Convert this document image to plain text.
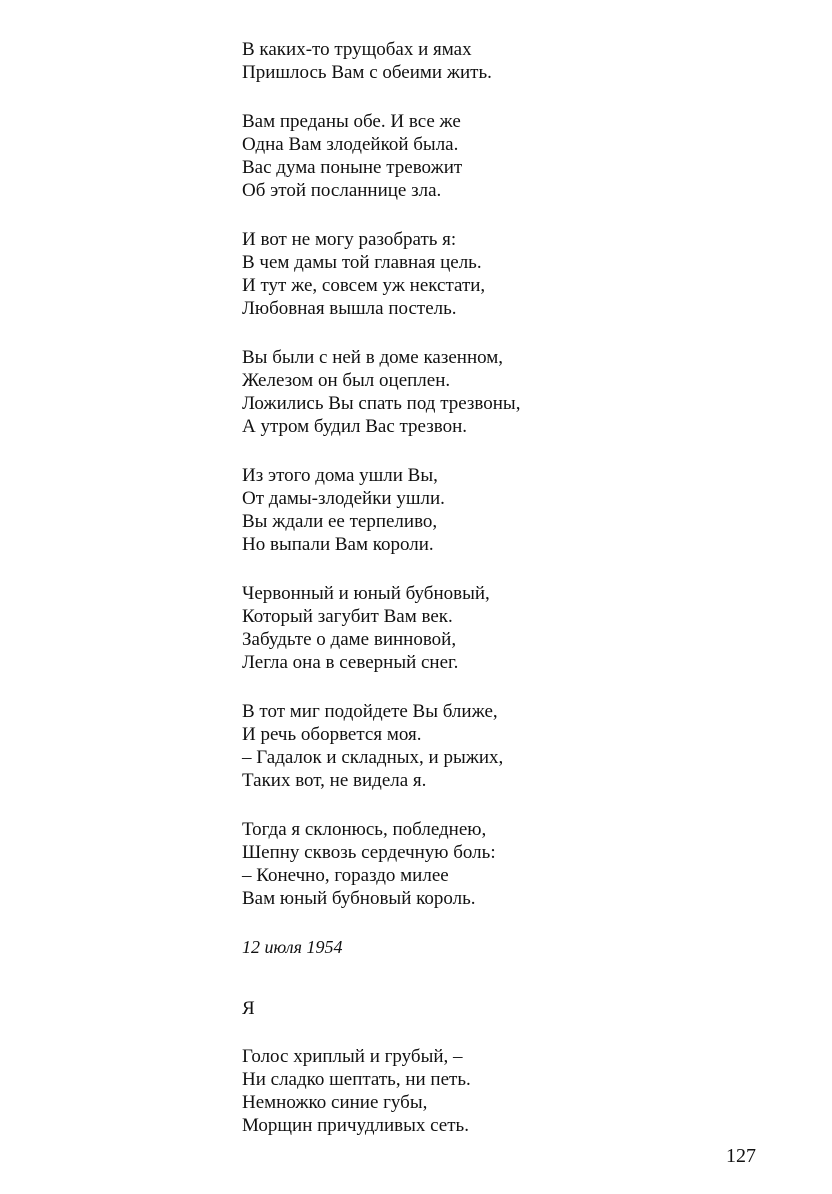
В каких-то трущобах и ямах
Пришлось Вам с обеими жить.
Вам преданы обе. И все же
Одна Вам злодейкой была.
Вас дума поныне тревожит
Об этой посланнице зла.
И вот не могу разобрать я:
В чем дамы той главная цель.
И тут же, совсем уж некстати,
Любовная вышла постель.
Вы были с ней в доме казенном,
Железом он был оцеплен.
Ложились Вы спать под трезвоны,
А утром будил Вас трезвон.
Из этого дома ушли Вы,
От дамы-злодейки ушли.
Вы ждали ее терпеливо,
Но выпали Вам короли.
Червонный и юный бубновый,
Который загубит Вам век.
Забудьте о даме винновой,
Легла она в северный снег.
В тот миг подойдете Вы ближе,
И речь оборвется моя.
– Гадалок и складных, и рыжих,
Таких вот, не видела я.
Тогда я склонюсь, побледнею,
Шепну сквозь сердечную боль:
– Конечно, гораздо милее
Вам юный бубновый король.
12 июля 1954
Я
Голос хриплый и грубый, –
Ни сладко шептать, ни петь.
Немножко синие губы,
Морщин причудливых сеть.
127
